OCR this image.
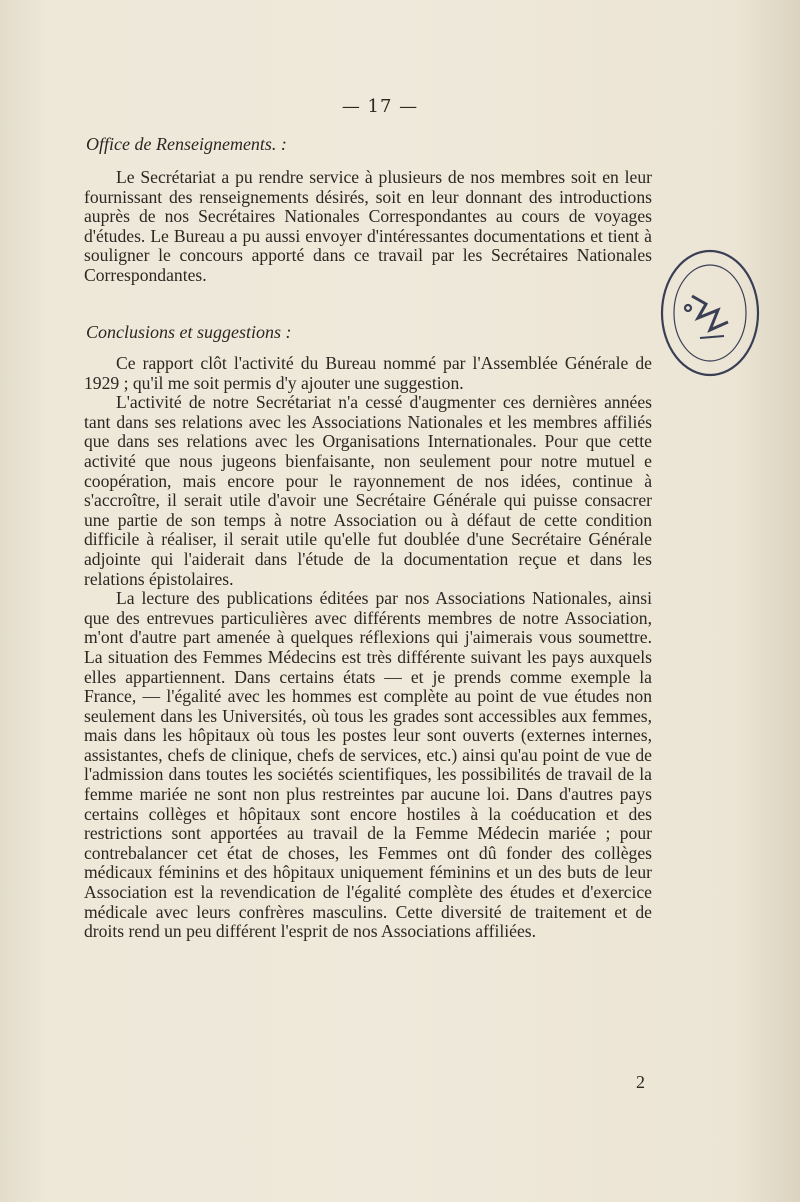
— 17 —
Office de Renseignements. :

Le Secrétariat a pu rendre service à plusieurs de nos membres soit en leur fournissant des renseignements désirés, soit en leur donnant des introductions auprès de nos Secrétaires Nationales Correspondantes au cours de voyages d'études. Le Bureau a pu aussi envoyer d'intéressantes documentations et tient à souligner le concours apporté dans ce travail par les Secrétaires Nationales Correspondantes.

Conclusions et suggestions :

Ce rapport clôt l'activité du Bureau nommé par l'Assemblée Générale de 1929 ; qu'il me soit permis d'y ajouter une suggestion.

L'activité de notre Secrétariat n'a cessé d'augmenter ces dernières années tant dans ses relations avec les Associations Nationales et les membres affiliés que dans ses relations avec les Organisations Internationales. Pour que cette activité que nous jugeons bienfaisante, non seulement pour notre mutuel e coopération, mais encore pour le rayonnement de nos idées, continue à s'accroître, il serait utile d'avoir une Secrétaire Générale qui puisse consacrer une partie de son temps à notre Association ou à défaut de cette condition difficile à réaliser, il serait utile qu'elle fut doublée d'une Secrétaire Générale adjointe qui l'aiderait dans l'étude de la documentation reçue et dans les relations épistolaires.

La lecture des publications éditées par nos Associations Nationales, ainsi que des entrevues particulières avec différents membres de notre Association, m'ont d'autre part amenée à quelques réflexions qui j'aimerais vous soumettre. La situation des Femmes Médecins est très différente suivant les pays auxquels elles appartiennent. Dans certains états — et je prends comme exemple la France, — l'égalité avec les hommes est complète au point de vue études non seulement dans les Universités, où tous les grades sont accessibles aux femmes, mais dans les hôpitaux où tous les postes leur sont ouverts (externes internes, assistantes, chefs de clinique, chefs de services, etc.) ainsi qu'au point de vue de l'admission dans toutes les sociétés scientifiques, les possibilités de travail de la femme mariée ne sont non plus restreintes par aucune loi. Dans d'autres pays certains collèges et hôpitaux sont encore hostiles à la coéducation et des restrictions sont apportées au travail de la Femme Médecin mariée ; pour contrebalancer cet état de choses, les Femmes ont dû fonder des collèges médicaux féminins et des hôpitaux uniquement féminins et un des buts de leur Association est la revendication de l'égalité complète des études et d'exercice médicale avec leurs confrères masculins. Cette diversité de traitement et de droits rend un peu différent l'esprit de nos Associations affiliées.

2
